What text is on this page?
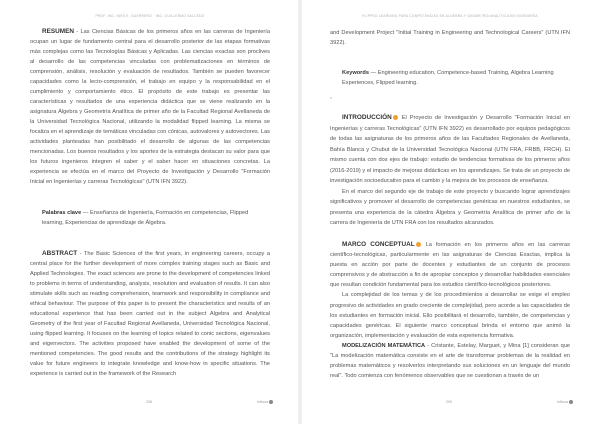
PROF. ING. INES E. GUERRERO · ING. GUILLERMO SALCEDO

RESUMEN - Las Ciencias Básicas de los primeros años en las carreras de Ingeniería ocupan un lugar de fundamento central para el desarrollo posterior de las etapas formativas más complejas como las Tecnologías Básicas y Aplicadas. Las ciencias exactas son proclives al desarrollo de las competencias vinculadas con problematizaciones en términos de comprensión, análisis, resolución y evaluación de resultados. También se pueden favorecer capacidades como la lecto-comprensión, el trabajo en equipo y la responsabilidad en el cumplimiento y comportamiento ético. El propósito de este trabajo es presentar las características y resultados de una experiencia didáctica que se viene realizando en la asignatura Álgebra y Geometría Analítica de primer año de la Facultad Regional Avellaneda de la Universidad Tecnológica Nacional, utilizando la modalidad flipped learning. La misma se focaliza en el aprendizaje de temáticas vinculadas con cónicas, autovalores y autovectores. Las actividades planteadas han posibilitado el desarrollo de algunas de las competencias mencionadas. Los buenos resultados y los aportes de la estrategia destacan su valor para que los futuros ingenieros integren el saber y el saber hacer en situaciones concretas. La experiencia se efectúa en el marco del Proyecto de Investigación y Desarrollo "Formación Inicial en Ingenierías y carreras Tecnológicas" (UTN IFN 3922).

Palabras clave — Enseñanza de Ingeniería, Formación en competencias, Flipped learning, Experiencias de aprendizaje de Álgebra.

ABSTRACT - The Basic Sciences of the first years, in engineering careers, occupy a central place for the further development of more complex training stages such as Basic and Applied Technologies. The exact sciences are prone to the development of competencies linked to problems in terms of understanding, analysis, resolution and evaluation of results. It can also stimulate skills such as reading comprehension, teamwork and responsibility in compliance and ethical behaviour. The purpose of this paper is to present the characteristics and results of an educational experience that has been carried out in the subject Algebra and Analytical Geometry of the first year of Facultad Regional Avellaneda, Universidad Tecnológica Nacional, using flipped learning. It focuses on the learning of topics related to conic sections, eigenvalues and eigenvectors. The activities proposed have enabled the development of some of the mentioned competencies. The good results and the contributions of the strategy highlight its value for future engineers to integrate knowledge and know-how in specific situations. The experience is carried out in the framework of the Research

208	InNova
FLIPPED LEARNING PARA COMPETENCIAS EN ALGEBRA Y GEOMETRÍA ANALÍTICA EN INGENIERÍA

and Development Project "Initial Training in Engineering and Technological Careers" (UTN IFN 3922).

Keywords — Engineering education, Competence-based Training, Algebra Learning Experiences, Flipped learning.

»

INTRODUCCIÓN El Proyecto de Investigación y Desarrollo "Formación Inicial en Ingenierías y carreras Tecnológicas" (UTN IFN 3922) es desarrollado por equipos pedagógicos de todas las asignaturas de los primeros años de las Facultades Regionales de Avellaneda, Bahía Blanca y Chubut de la Universidad Tecnológica Nacional (UTN FRA, FRBB, FRCH). El mismo cuenta con dos ejes de trabajo: estudio de tendencias formativas de los primeros años (2016-2019) y el impacto de mejoras didácticas en los aprendizajes. Se trata de un proyecto de investigación socioeducativo para el cambio y la mejora de los procesos de enseñanza.

En el marco del segundo eje de trabajo de este proyecto y buscando lograr aprendizajes significativos y promover el desarrollo de competencias genéricas en nuestros estudiantes, se presenta una experiencia de la cátedra Álgebra y Geometría Analítica de primer año de la carrera de Ingeniería de UTN FRA con los resultados alcanzados.

MARCO CONCEPTUAL La formación en los primeros años en las carreras científico-tecnológicas, particularmente en las asignaturas de Ciencias Exactas, implica la puesta en acción por parte de docentes y estudiantes de un conjunto de procesos comprensivos y de abstracción a fin de apropiar conceptos y desarrollar habilidades esenciales que resultan condición fundamental para los estudios científico-tecnológicos posteriores.

La complejidad de los temas y de los procedimientos a desarrollar se exige el empleo progresivo de actividades en grado creciente de complejidad, pero acorde a las capacidades de los estudiantes en formación inicial. Ello posibilitará el desarrollo, también, de competencias y capacidades genéricas. El siguiente marco conceptual brinda el entorno que animó la organización, implementación y evaluación de esta experiencia formativa.

MODELIZACIÓN MATEMÁTICA - Cristante, Estelay, Marguet, y Mina [1] consideran que "La modelización matemática consiste en el arte de transformar problemas de la realidad en problemas matemáticos y resolverlos interpretando sus soluciones en un lenguaje del mundo real". Todo comienza con fenómenos observables que se cuestionan a través de un

209	InNova
